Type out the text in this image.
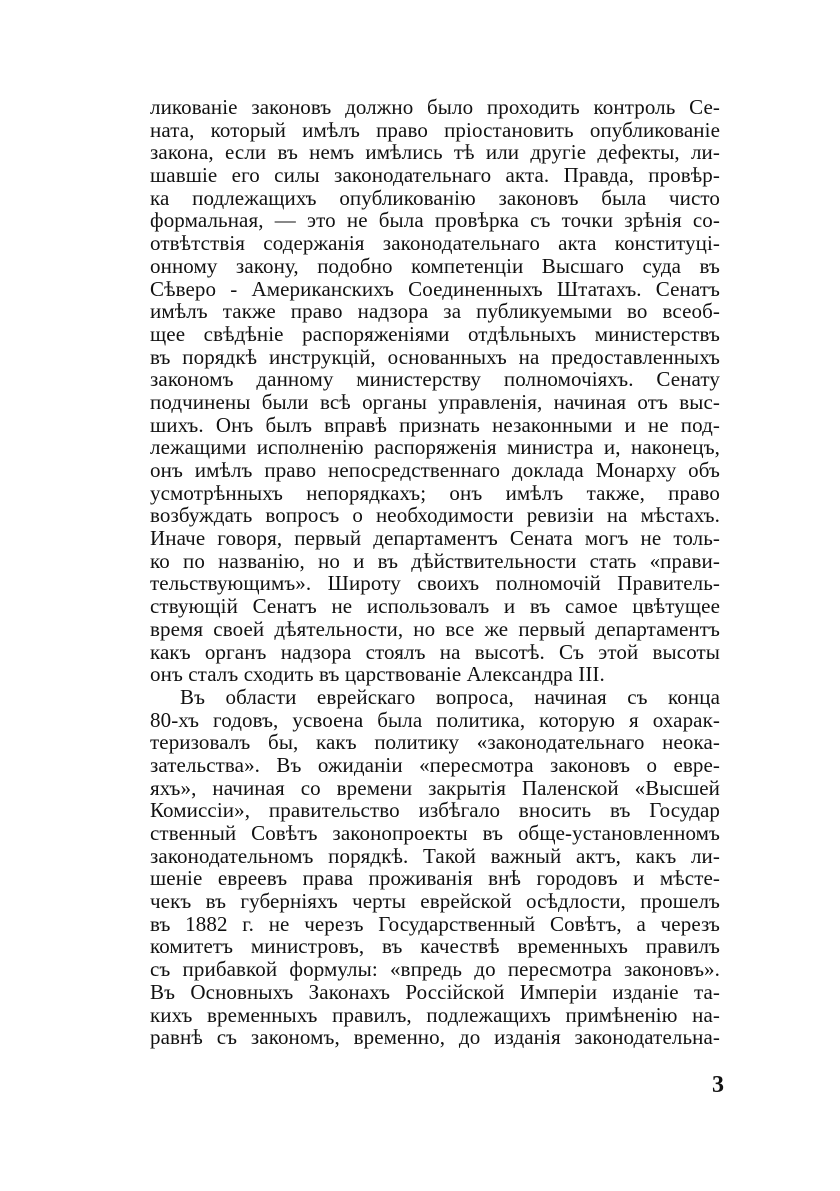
ликованіе законовъ должно было проходить контроль Се-
ната, который имѣлъ право пріостановить опубликованіе
закона, если въ немъ имѣлись тѣ или другіе дефекты, ли-
шавшіе его силы законодательнаго акта. Правда, провѣр-
ка подлежащихъ опубликованію законовъ была чисто
формальная, — это не была провѣрка съ точки зрѣнія со-
отвѣтствія содержанія законодательнаго акта конституці-
онному закону, подобно компетенціи Высшаго суда въ
Сѣверо - Американскихъ Соединенныхъ Штатахъ. Сенатъ
имѣлъ также право надзора за публикуемыми во всеоб-
щее свѣдѣніе распоряженіями отдѣльныхъ министерствъ
въ порядкѣ инструкцій, основанныхъ на предоставленныхъ
закономъ данному министерству полномочіяхъ. Сенату
подчинены были всѣ органы управленія, начиная отъ выс-
шихъ. Онъ былъ вправѣ признать незаконными и не под-
лежащими исполненію распоряженія министра и, наконецъ,
онъ имѣлъ право непосредственнаго доклада Монарху объ
усмотрѣнныхъ непорядкахъ; онъ имѣлъ также, право
возбуждать вопросъ о необходимости ревизіи на мѣстахъ.
Иначе говоря, первый департаментъ Сената могъ не толь-
ко по названію, но и въ дѣйствительности стать «прави-
тельствующимъ». Широту своихъ полномочій Правитель-
ствующій Сенатъ не использовалъ и въ самое цвѣтущее
время своей дѣятельности, но все же первый департаментъ
какъ органъ надзора стоялъ на высотѣ. Съ этой высоты
онъ сталъ сходить въ царствованіе Александра III.
Въ области еврейскаго вопроса, начиная съ конца
80-хъ годовъ, усвоена была политика, которую я охарак-
теризовалъ бы, какъ политику «законодательнаго неока-
зательства». Въ ожиданіи «пересмотра законовъ о евре-
яхъ», начиная со времени закрытія Паленской «Высшей
Комиссіи», правительство избѣгало вносить въ Государ
ственный Совѣтъ законопроекты въ обще-установленномъ
законодательномъ порядкѣ. Такой важный актъ, какъ ли-
шеніе евреевъ права проживанія внѣ городовъ и мѣсте-
чекъ въ губерніяхъ черты еврейской осѣдлости, прошелъ
въ 1882 г. не черезъ Государственный Совѣтъ, а черезъ
комитетъ министровъ, въ качествѣ временныхъ правилъ
съ прибавкой формулы: «впредь до пересмотра законовъ».
Въ Основныхъ Законахъ Россійской Имперіи изданіе та-
кихъ временныхъ правилъ, подлежащихъ примѣненію на-
равнѣ съ закономъ, временно, до изданія законодательна-
3
